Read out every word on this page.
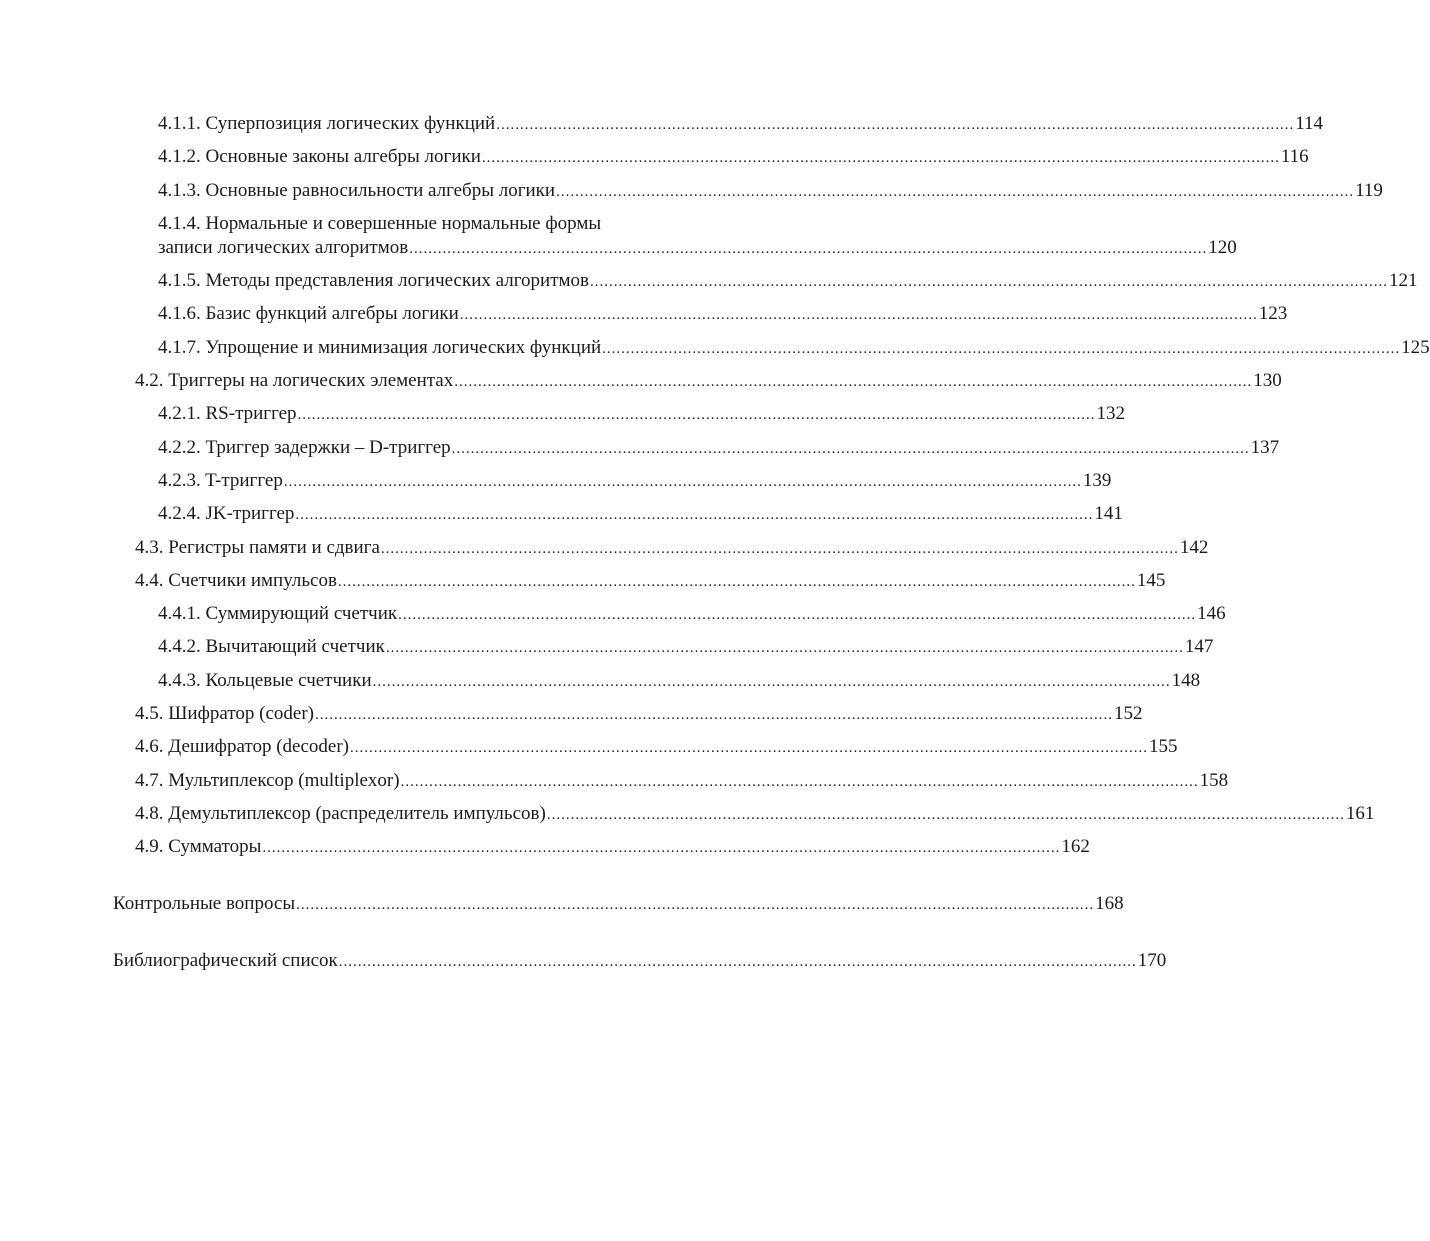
4.1.1. Суперпозиция логических функций ........................................................................................................................................................................ 114
4.1.2. Основные законы алгебры логики ........................................................................................................................................................................ 116
4.1.3. Основные равносильности алгебры логики ........................................................................................................................................................................ 119
4.1.4. Нормальные и совершенные нормальные формы
записи логических алгоритмов ........................................................................................................................................................................ 120
4.1.5. Методы представления логических алгоритмов ........................................................................................................................................................................ 121
4.1.6. Базис функций алгебры логики ........................................................................................................................................................................ 123
4.1.7. Упрощение и минимизация логических функций ........................................................................................................................................................................ 125
4.2. Триггеры на логических элементах ........................................................................................................................................................................ 130
4.2.1. RS-триггер ........................................................................................................................................................................ 132
4.2.2. Триггер задержки – D-триггер ........................................................................................................................................................................ 137
4.2.3. T-триггер ........................................................................................................................................................................ 139
4.2.4. JK-триггер ........................................................................................................................................................................ 141
4.3. Регистры памяти и сдвига ........................................................................................................................................................................ 142
4.4. Счетчики импульсов ........................................................................................................................................................................ 145
4.4.1. Суммирующий счетчик ........................................................................................................................................................................ 146
4.4.2. Вычитающий счетчик ........................................................................................................................................................................ 147
4.4.3. Кольцевые счетчики ........................................................................................................................................................................ 148
4.5. Шифратор (coder) ........................................................................................................................................................................ 152
4.6. Дешифратор (decoder) ........................................................................................................................................................................ 155
4.7. Мультиплексор (multiplexor) ........................................................................................................................................................................ 158
4.8. Демультиплексор (распределитель импульсов) ........................................................................................................................................................................ 161
4.9. Сумматоры ........................................................................................................................................................................ 162
Контрольные вопросы ........................................................................................................................................................................ 168
Библиографический список ........................................................................................................................................................................ 170
